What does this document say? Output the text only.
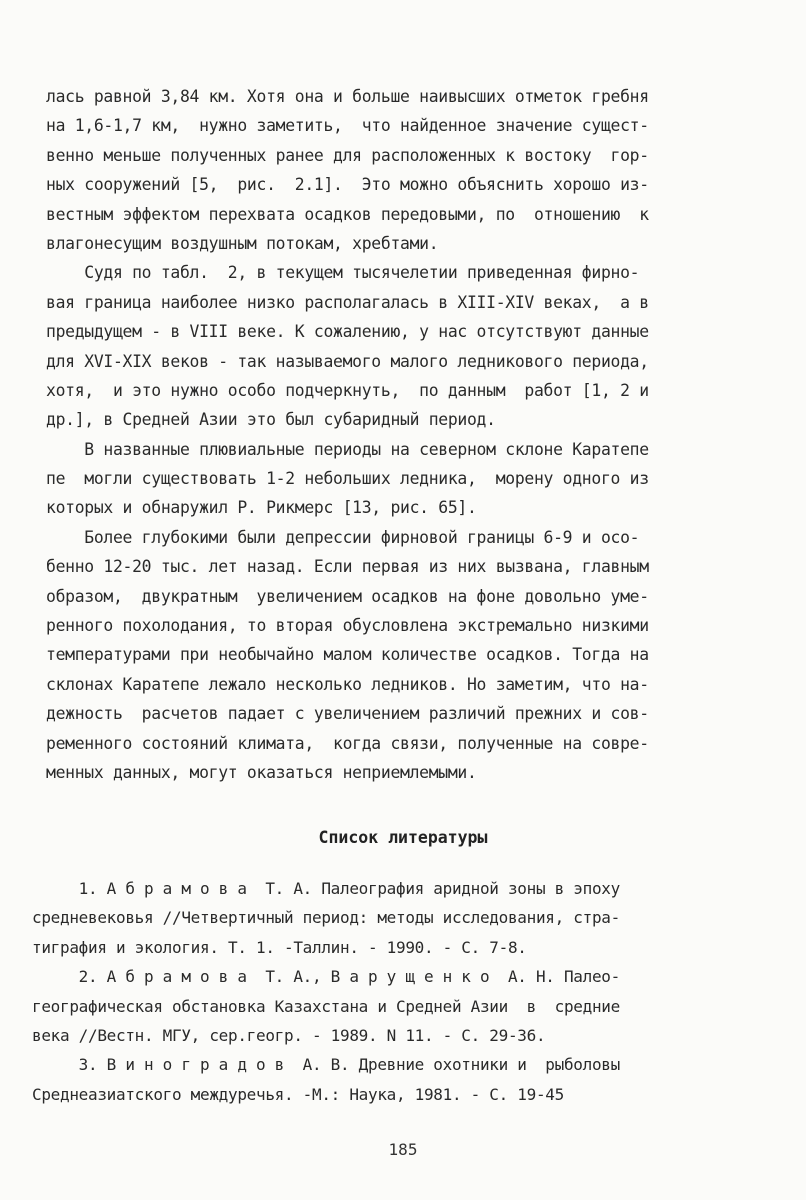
лась равной 3,84 км. Хотя она и больше наивысших отметок гребня
на 1,6-1,7 км,  нужно заметить,  что найденное значение сущест-
венно меньше полученных ранее для расположенных к востоку  гор-
ных сооружений [5,  рис.  2.1].  Это можно объяснить хорошо из-
вестным эффектом перехвата осадков передовыми, по  отношению  к
влагонесущим воздушным потокам, хребтами.
Судя по табл.  2, в текущем тысячелетии приведенная фирно-
вая граница наиболее низко располагалась в XIII-XIV веках,  а в
предыдущем - в VIII веке. К сожалению, у нас отсутствуют данные
для XVI-XIX веков - так называемого малого ледникового периода,
хотя,  и это нужно особо подчеркнуть,  по данным  работ [1, 2 и
др.], в Средней Азии это был субаридный период.
В названные плювиальные периоды на северном склоне Каратепе
пе  могли существовать 1-2 небольших ледника,  морену одного из
которых и обнаружил Р. Рикмерс [13, рис. 65].
Более глубокими были депрессии фирновой границы 6-9 и осо-
бенно 12-20 тыс. лет назад. Если первая из них вызвана, главным
образом,  двукратным  увеличением осадков на фоне довольно уме-
ренного похолодания, то вторая обусловлена экстремально низкими
температурами при необычайно малом количестве осадков. Тогда на
склонах Каратепе лежало несколько ледников. Но заметим, что на-
дежность  расчетов падает с увеличением различий прежних и сов-
ременного состояний климата,  когда связи, полученные на совре-
менных данных, могут оказаться неприемлемыми.
Список литературы
1. А б р а м о в а  Т. А. Палеография аридной зоны в эпоху
средневековья //Четвертичный период: методы исследования, стра-
тиграфия и экология. Т. 1. -Таллин. - 1990. - С. 7-8.
2. А б р а м о в а  Т. А., В а р у щ е н к о  А. Н. Палео-
географическая обстановка Казахстана и Средней Азии  в  средние
века //Вестн. МГУ, сер.геогр. - 1989. N 11. - С. 29-36.
3. В и н о г р а д о в  А. В. Древние охотники и  рыболовы
Среднеазиатского междуречья. -М.: Наука, 1981. - С. 19-45
185
